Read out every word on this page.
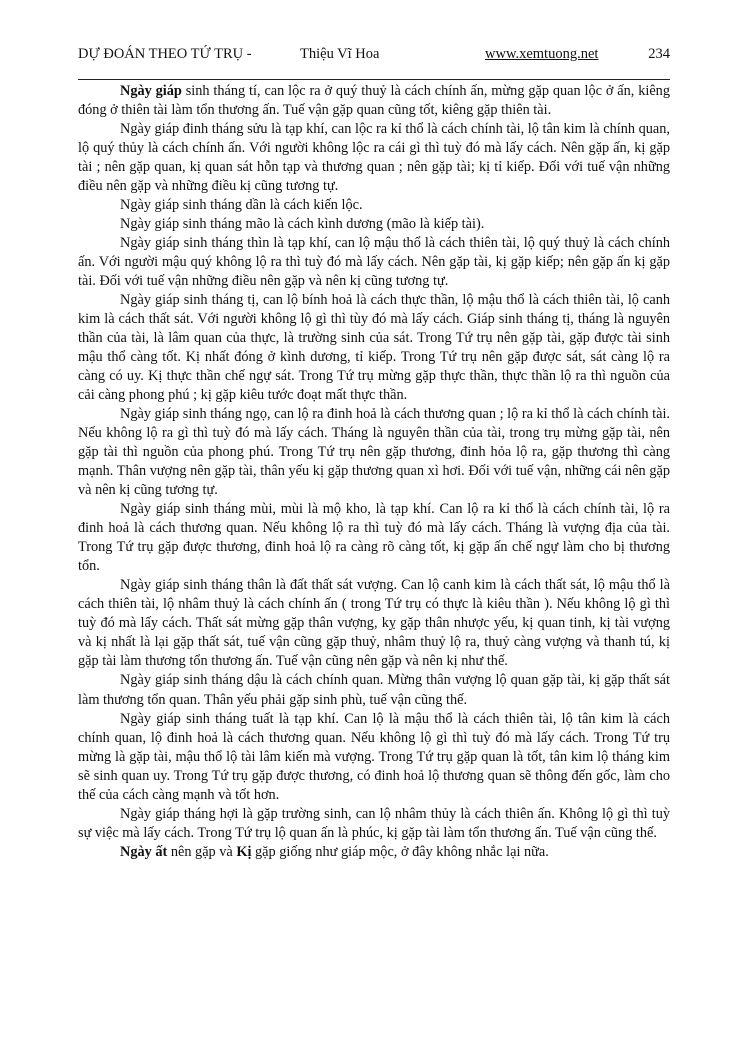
DỰ ĐOÁN THEO TỨ TRỤ -	Thiệu Vĩ Hoa	www.xemtuong.net	234

Ngày giáp sinh tháng tí, can lộc ra ở quý thuỷ là cách chính ấn, mừng gặp quan lộc ở ấn, kiêng đóng ở thiên tài làm tổn thương ấn. Tuế vận gặp quan cũng tốt, kiêng gặp thiên tài.

Ngày giáp đinh tháng sửu là tạp khí, can lộc ra kỉ thổ là cách chính tài, lộ tân kim là chính quan, lộ quý thủy là cách chính ấn. Với người không lộc ra cái gì thì tuỳ đó mà lấy cách. Nên gặp ấn, kị gặp tài ; nên gặp quan, kị quan sát hỗn tạp và thương quan ; nên gặp tài; kị tỉ kiếp. Đối với tuế vận những điều nên gặp và những điều kị cũng tương tự.

Ngày giáp sinh tháng dần là cách kiến lộc.

Ngày giáp sinh tháng mão là cách kình dương (mão là kiếp tài).

Ngày giáp sinh tháng thìn là tạp khí, can lộ mậu thổ là cách thiên tài, lộ quý thuỷ là cách chính ấn. Với người mậu quý không lộ ra thì tuỳ đó mà lấy cách. Nên gặp tài, kị gặp kiếp; nên gặp ấn kị gặp tài. Đối với tuế vận những điều nên gặp và nên kị cũng tương tự.

Ngày giáp sinh tháng tị, can lộ bính hoả là cách thực thần, lộ mậu thổ là cách thiên tài, lộ canh kim là cách thất sát. Với người không lộ gì thì tùy đó mà lấy cách. Giáp sinh tháng tị, tháng là nguyên thần của tài, là lâm quan của thực, là trường sinh của sát. Trong Tứ trụ nên gặp tài, gặp được tài sinh mậu thổ càng tốt. Kị nhất đóng ở kình dương, tỉ kiếp. Trong Tứ trụ nên gặp được sát, sát càng lộ ra càng có uy. Kị thực thần chế ngự sát. Trong Tứ trụ mừng gặp thực thần, thực thần lộ ra thì nguồn của cải càng phong phú ; kị gặp kiêu tước đoạt mất thực thần.

Ngày giáp sinh tháng ngọ, can lộ ra đinh hoả là cách thương quan ; lộ ra kỉ thổ là cách chính tài. Nếu không lộ ra gì thì tuỳ đó mà lấy cách. Tháng là nguyên thần của tài, trong trụ mừng gặp tài, nên gặp tài thì nguồn của phong phú. Trong Tứ trụ nên gặp thương, đinh hỏa lộ ra, gặp thương thì càng mạnh. Thân vượng nên gặp tài, thân yếu kị gặp thương quan xì hơi. Đối với tuế vận, những cái nên gặp và nên kị cũng tương tự.

Ngày giáp sinh tháng mùi, mùi là mộ kho, là tạp khí. Can lộ ra kỉ thổ là cách chính tài, lộ ra đinh hoả là cách thương quan. Nếu không lộ ra thì tuỳ đó mà lấy cách. Tháng là vượng địa của tài. Trong Tứ trụ gặp được thương, đinh hoả lộ ra càng rõ càng tốt, kị gặp ấn chế ngự làm cho bị thương tổn.

Ngày giáp sinh tháng thân là đất thất sát vượng. Can lộ canh kim là cách thất sát, lộ mậu thổ là cách thiên tài, lộ nhâm thuỷ là cách chính ấn ( trong Tứ trụ có thực là kiêu thần ). Nếu không lộ gì thì tuỳ đó mà lấy cách. Thất sát mừng gặp thân vượng, kỵ gặp thân nhược yếu, kị quan tinh, kị tài vượng và kị nhất là lại gặp thất sát, tuế vận cũng gặp thuỷ, nhâm thuỷ lộ ra, thuỷ càng vượng và thanh tú, kị gặp tài làm thương tổn thương ấn. Tuế vận cũng nên gặp và nên kị như thế.

Ngày giáp sinh tháng dậu là cách chính quan. Mừng thân vượng lộ quan gặp tài, kị gặp thất sát làm thương tổn quan. Thân yếu phải gặp sinh phù, tuế vận cũng thế.

Ngày giáp sinh tháng tuất là tạp khí. Can lộ là mậu thổ là cách thiên tài, lộ tân kim là cách chính quan, lộ đinh hoả là cách thương quan. Nếu không lộ gì thì tuỳ đó mà lấy cách. Trong Tứ trụ mừng là gặp tài, mậu thổ lộ tài lâm kiến mà vượng. Trong Tứ trụ gặp quan là tốt, tân kim lộ tháng kim sẽ sinh quan uy. Trong Tứ trụ gặp được thương, có đinh hoả lộ thương quan sẽ thông đến gốc, làm cho thế của cách càng mạnh và tốt hơn.

Ngày giáp tháng hợi là gặp trường sinh, can lộ nhâm thủy là cách thiên ấn. Không lộ gì thì tuỳ sự việc mà lấy cách. Trong Tứ trụ lộ quan ấn là phúc, kị gặp tài làm tổn thương ấn. Tuế vận cũng thế.

Ngày ất nên gặp và Kị gặp giống như giáp mộc, ở đây không nhắc lại nữa.
